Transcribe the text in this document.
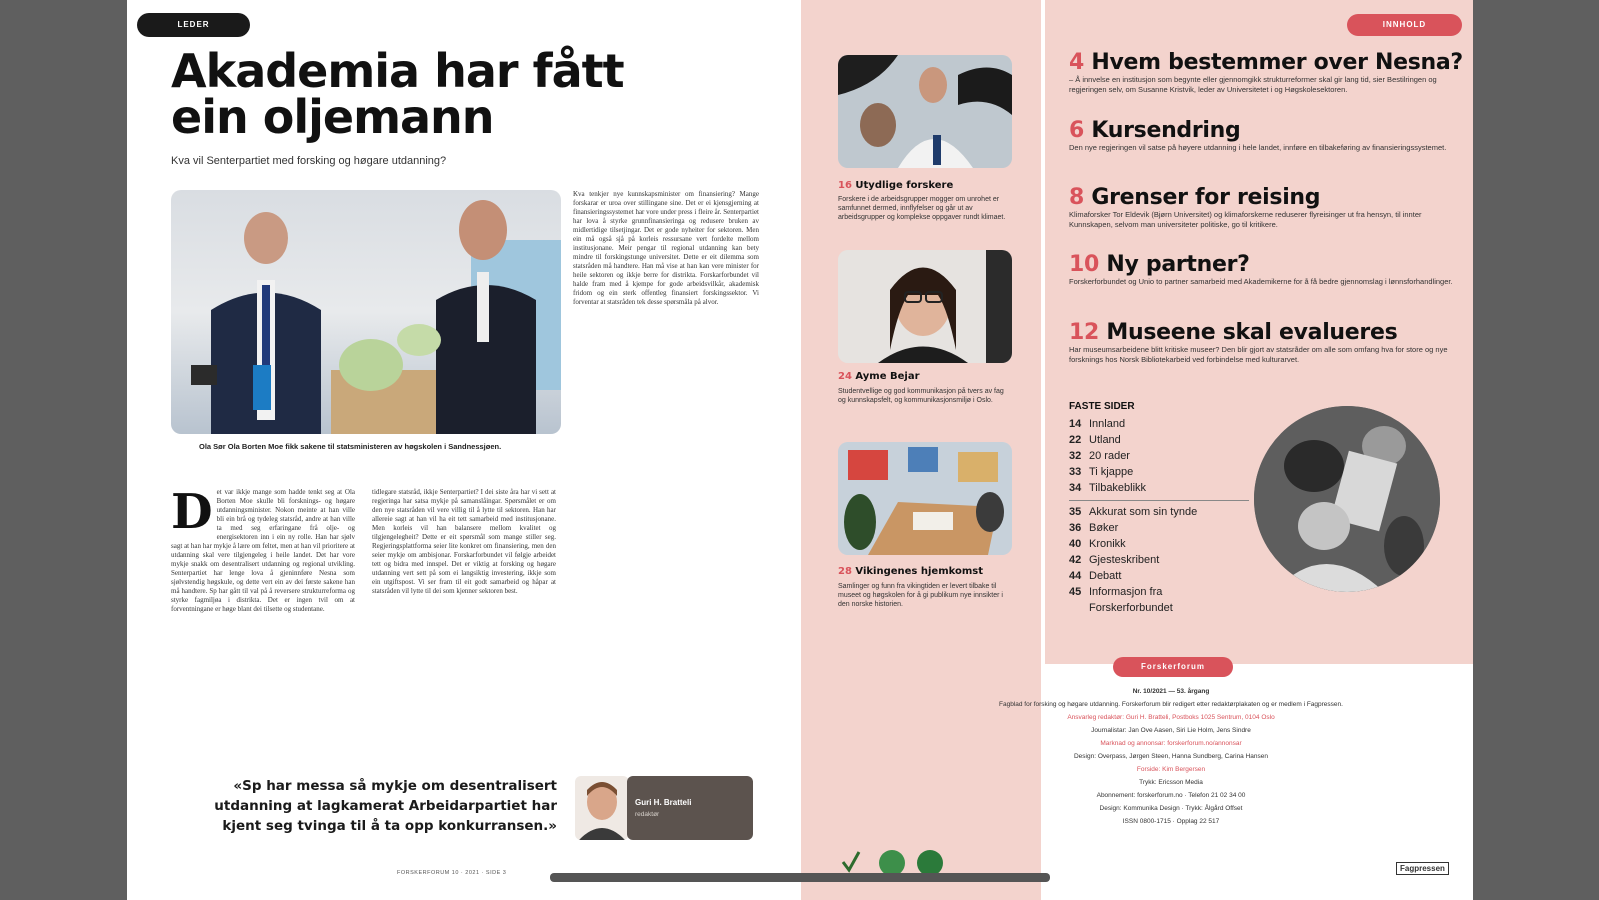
LEDER
Akademia har fått
ein oljemann
Kva vil Senterpartiet med forsking og høgare utdanning?
Ola Sør Ola Borten Moe fikk sakene til statsministeren av høgskolen i Sandnessjøen.
Det var ikkje mange som hadde tenkt seg at Ola Borten Moe skulle bli forsknings- og høgare utdanningsminister. Nokon meinte at han ville bli ein brå og tydeleg statsråd, andre at han ville ta med seg erfaringane frå olje- og energisektoren inn i ein ny rolle. Han har sjølv sagt at han har mykje å lære om feltet, men at han vil prioritere at utdanning skal vere tilgjengeleg i heile landet. Det har vore mykje snakk om desentralisert utdanning og regional utvikling. Senterpartiet har lenge lova å gjeninnføre Nesna som sjølvstendig høgskule, og dette vert ein av dei første sakene han må handtere. Sp har gått til val på å reversere strukturreforma og styrke fagmiljøa i distrikta. Det er ingen tvil om at forventningane er høge blant dei tilsette og studentane.
tidlegare statsråd, ikkje Senterpartiet? I dei siste åra har vi sett at regjeringa har satsa mykje på samanslåingar. Spørsmålet er om den nye statsråden vil vere villig til å lytte til sektoren. Han har allereie sagt at han vil ha eit tett samarbeid med institusjonane. Men korleis vil han balansere mellom kvalitet og tilgjengelegheit? Dette er eit spørsmål som mange stiller seg. Regjeringsplattforma seier lite konkret om finansiering, men den seier mykje om ambisjonar. Forskarforbundet vil følgje arbeidet tett og bidra med innspel. Det er viktig at forsking og høgare utdanning vert sett på som ei langsiktig investering, ikkje som ein utgiftspost. Vi ser fram til eit godt samarbeid og håpar at statsråden vil lytte til dei som kjenner sektoren best.
Kva tenkjer nye kunnskapsminister om finansiering? Mange forskarar er uroa over stillingane sine. Det er ei kjensgjerning at finansieringssystemet har vore under press i fleire år. Senterpartiet har lova å styrke grunnfinansieringa og redusere bruken av midlertidige tilsetjingar. Det er gode nyheiter for sektoren. Men ein må også sjå på korleis ressursane vert fordelte mellom institusjonane. Meir pengar til regional utdanning kan bety mindre til forskingstunge universitet. Dette er eit dilemma som statsråden må handtere. Han må vise at han kan vere minister for heile sektoren og ikkje berre for distrikta. Forskarforbundet vil halde fram med å kjempe for gode arbeidsvilkår, akademisk fridom og ein sterk offentleg finansiert forskingssektor. Vi forventar at statsråden tek desse spørsmåla på alvor.
«Sp har messa så mykje om desentralisert utdanning at lagkamerat Arbeidarpartiet har kjent seg tvinga til å ta opp konkurransen.»
Guri H. Bratteli
redaktør
FORSKERFORUM 10 · 2021 · SIDE 3
INNHOLD
16 Utydlige forskere
Forskere i de arbeidsgrupper mogger om unrohet er samfunnet dermed, innflyfelser og går ut av arbeidsgrupper og komplekse oppgaver rundt klimaet.
24 Ayme Bejar
Studentvellige og god kommunikasjon på tvers av fag og kunnskapsfelt, og kommunikasjonsmiljø i Oslo.
28 Vikingenes hjemkomst
Samlinger og funn fra vikingtiden er levert tilbake til museet og høgskolen for å gi publikum nye innsikter i den norske historien.
4 Hvem bestemmer over Nesna?
– Å innvelse en institusjon som begynte eller gjennomgikk strukturreformer skal gir lang tid, sier Bestilringen og regjeringen selv, om Susanne Kristvik, leder av Universitetet i og Høgskolesektoren.
6 Kursendring
Den nye regjeringen vil satse på høyere utdanning i hele landet, innføre en tilbakeføring av finansieringssystemet.
8 Grenser for reising
Klimaforsker Tor Eldevik (Bjørn Universitet) og klimaforskerne reduserer flyreisinger ut fra hensyn, til innter Kunnskapen, selvom man universiteter politiske, go til kritikere.
10 Ny partner?
Forskerforbundet og Unio to partner samarbeid med Akademikerne for å få bedre gjennomslag i lønnsforhandlinger.
12 Museene skal evalueres
Har museumsarbeidene blitt kritiske museer? Den blir gjort av statsråder om alle som omfang hva for store og nye forsknings hos Norsk Bibliotekarbeid ved forbindelse med kulturarvet.
FASTE SIDER
14 Innland
22 Utland
32 20 rader
33 Ti kjappe
34 Tilbakeblikk
35 Akkurat som sin tynde
36 Bøker
40 Kronikk
42 Gjesteskribent
44 Debatt
45 Informasjon fra
Forskerforbundet
Forskerforum
Nr. 10/2021 — 53. årgang
Fagblad for forsking og høgare utdanning. Forskerforum blir redigert etter redaktørplakaten og er medlem i Fagpressen.
Ansvarleg redaktør: Guri H. Bratteli, Postboks 1025 Sentrum, 0104 Oslo
Journalistar: Jan Ove Aasen, Siri Lie Holm, Jens Sindre
Marknad og annonsar: forskerforum.no/annonsar
Design: Overpass, Jørgen Steen, Hanna Sundberg, Carina Hansen
Forside: Kim Bergersen
Trykk: Ericsson Media
Abonnement: forskerforum.no · Telefon 21 02 34 00
Design: Kommunika Design · Trykk: Ålgård Offset
ISSN 0800-1715 · Opplag 22 517
Fagpressen
